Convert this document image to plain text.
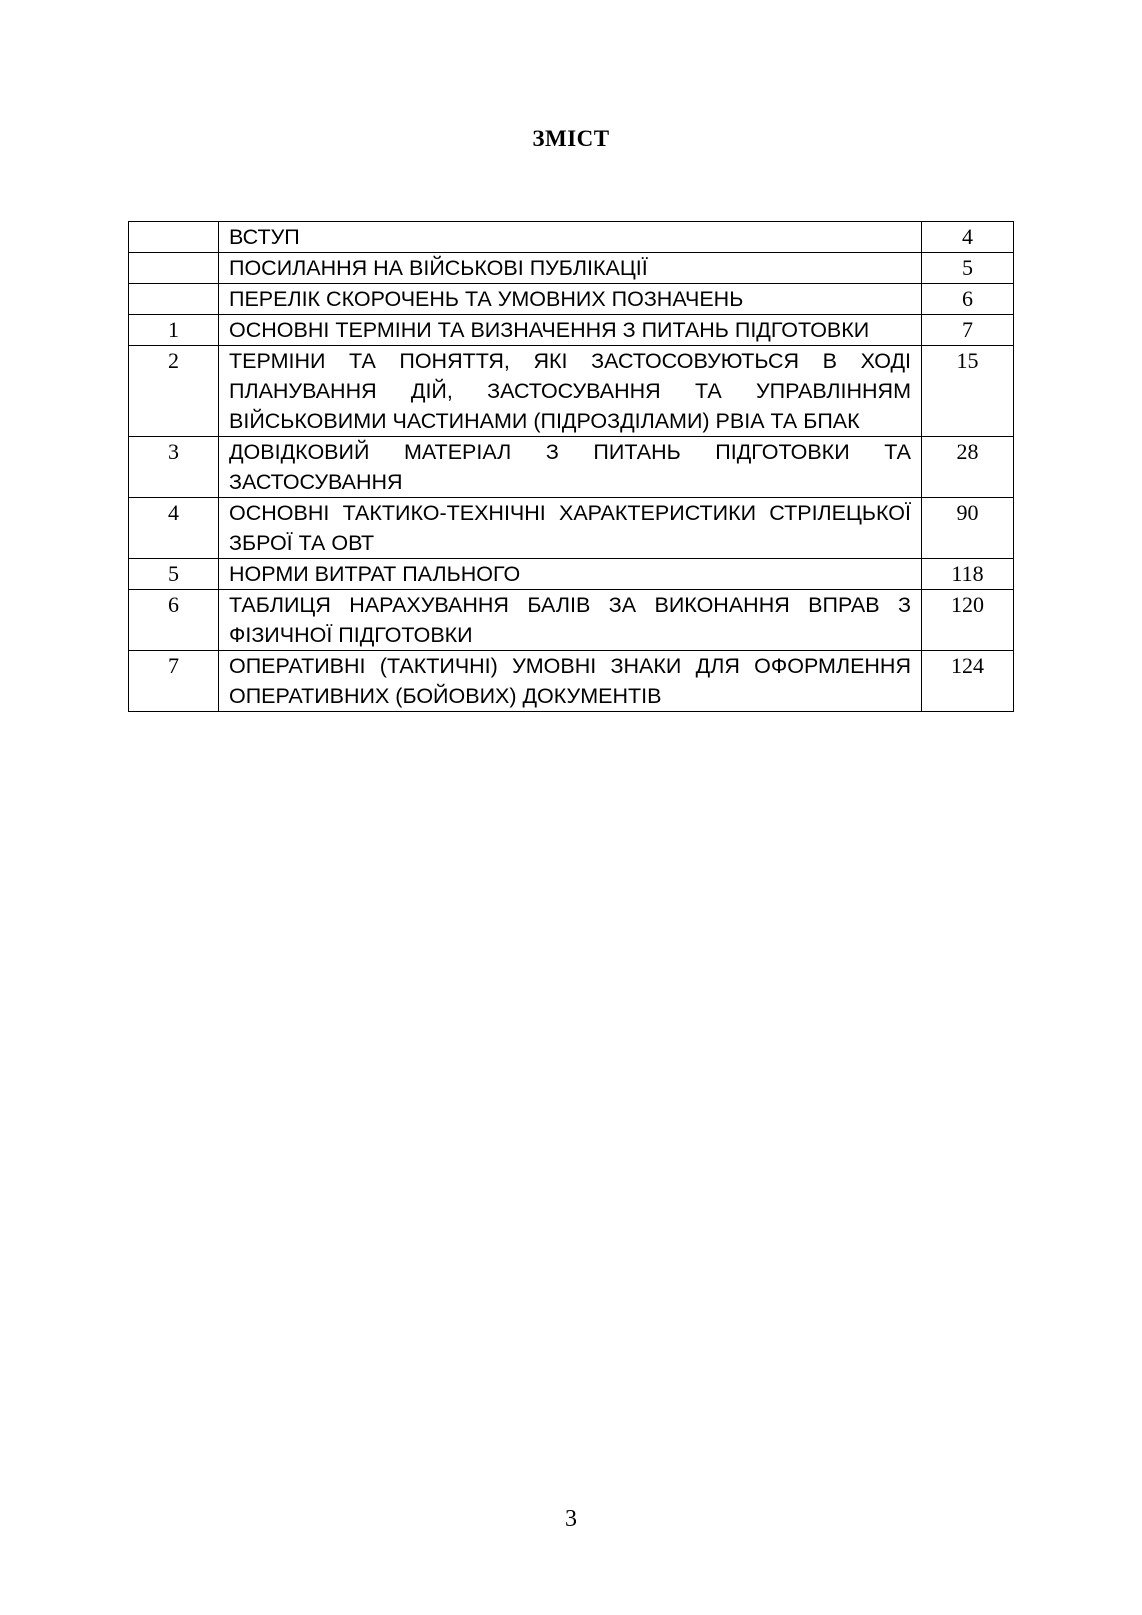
ЗМІСТ
	ВСТУП	4
	ПОСИЛАННЯ НА ВІЙСЬКОВІ ПУБЛІКАЦІЇ	5
	ПЕРЕЛІК СКОРОЧЕНЬ ТА УМОВНИХ ПОЗНАЧЕНЬ	6
1	ОСНОВНІ ТЕРМІНИ ТА ВИЗНАЧЕННЯ З ПИТАНЬ ПІДГОТОВКИ	7
2	ТЕРМІНИ ТА ПОНЯТТЯ, ЯКІ ЗАСТОСОВУЮТЬСЯ В ХОДІ ПЛАНУВАННЯ ДІЙ, ЗАСТОСУВАННЯ ТА УПРАВЛІННЯМ ВІЙСЬКОВИМИ ЧАСТИНАМИ (ПІДРОЗДІЛАМИ) РВІА ТА БПАК	15
3	ДОВІДКОВИЙ МАТЕРІАЛ З ПИТАНЬ ПІДГОТОВКИ ТА ЗАСТОСУВАННЯ	28
4	ОСНОВНІ ТАКТИКО-ТЕХНІЧНІ ХАРАКТЕРИСТИКИ СТРІЛЕЦЬКОЇ ЗБРОЇ ТА ОВТ	90
5	НОРМИ ВИТРАТ ПАЛЬНОГО	118
6	ТАБЛИЦЯ НАРАХУВАННЯ БАЛІВ ЗА ВИКОНАННЯ ВПРАВ З ФІЗИЧНОЇ ПІДГОТОВКИ	120
7	ОПЕРАТИВНІ (ТАКТИЧНІ) УМОВНІ ЗНАКИ ДЛЯ ОФОРМЛЕННЯ ОПЕРАТИВНИХ (БОЙОВИХ) ДОКУМЕНТІВ	124
3
